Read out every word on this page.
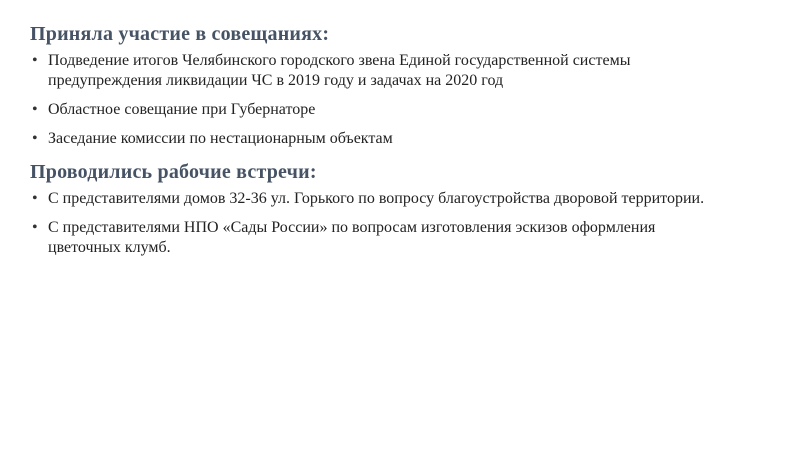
Приняла участие в совещаниях:
• Подведение итогов Челябинского городского звена Единой государственной системы предупреждения ликвидации ЧС в 2019 году и задачах на 2020 год
• Областное совещание при Губернаторе
• Заседание комиссии по нестационарным объектам
Проводились рабочие встречи:
• С представителями домов 32-36 ул. Горького по вопросу благоустройства дворовой территории.
• С представителями НПО «Сады России» по вопросам изготовления эскизов оформления цветочных клумб.
